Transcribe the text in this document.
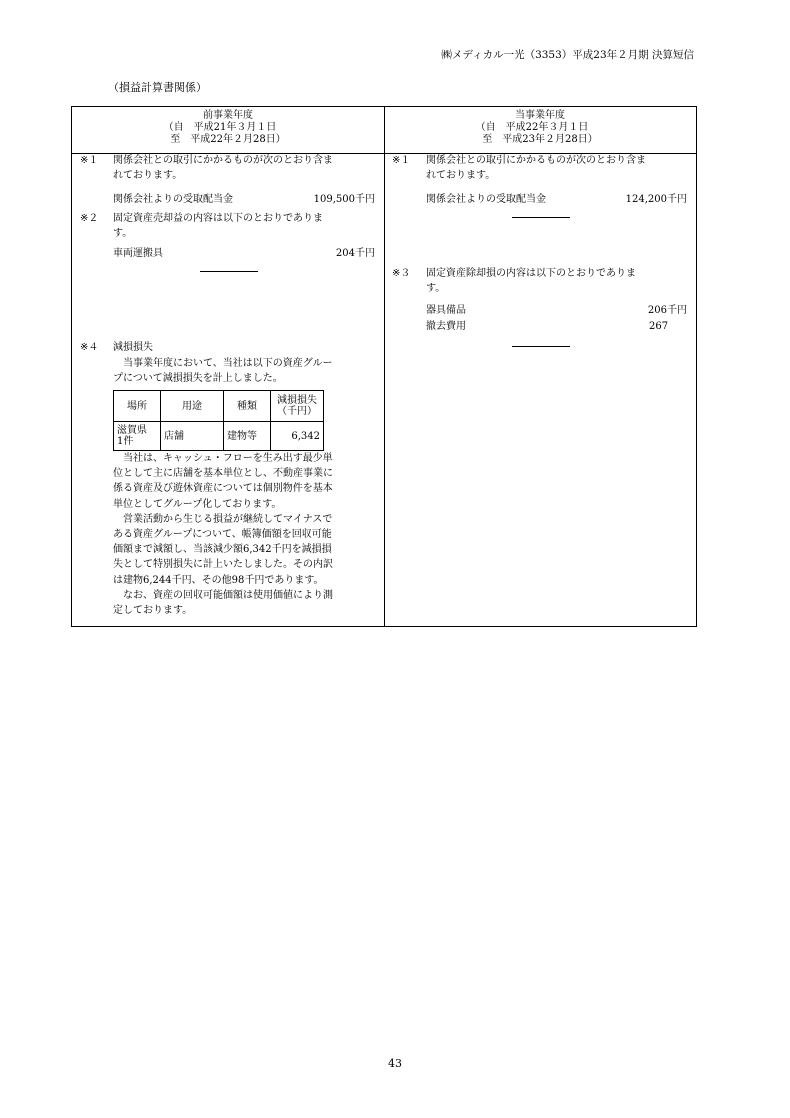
㈱メディカル一光（3353）平成23年２月期 決算短信
（損益計算書関係）
前事業年度
（自　平成21年３月１日
至　平成22年２月28日）
当事業年度
（自　平成22年３月１日
至　平成23年２月28日）
※１ 関係会社との取引にかかるものが次のとおり含ま
れております。
関係会社よりの受取配当金	109,500千円
※２ 固定資産売却益の内容は以下のとおりでありま
す。
車両運搬具	204千円
※４ 減損損失
当事業年度において、当社は以下の資産グルー
プについて減損損失を計上しました。
場所	用途	種類	減損損失
（千円）

滋賀県
1件	店舗	建物等	6,342
当社は、キャッシュ・フローを生み出す最少単
位として主に店舗を基本単位とし、不動産事業に
係る資産及び遊休資産については個別物件を基本
単位としてグループ化しております。
営業活動から生じる損益が継続してマイナスで
ある資産グループについて、帳簿価額を回収可能
価額まで減額し、当該減少額6,342千円を減損損
失として特別損失に計上いたしました。その内訳
は建物6,244千円、その他98千円であります。
なお、資産の回収可能価額は使用価値により測
定しております。
※１ 関係会社との取引にかかるものが次のとおり含ま
れております。
関係会社よりの受取配当金	124,200千円
※３ 固定資産除却損の内容は以下のとおりでありま
す。
器具備品	206千円
撤去費用	267
43
